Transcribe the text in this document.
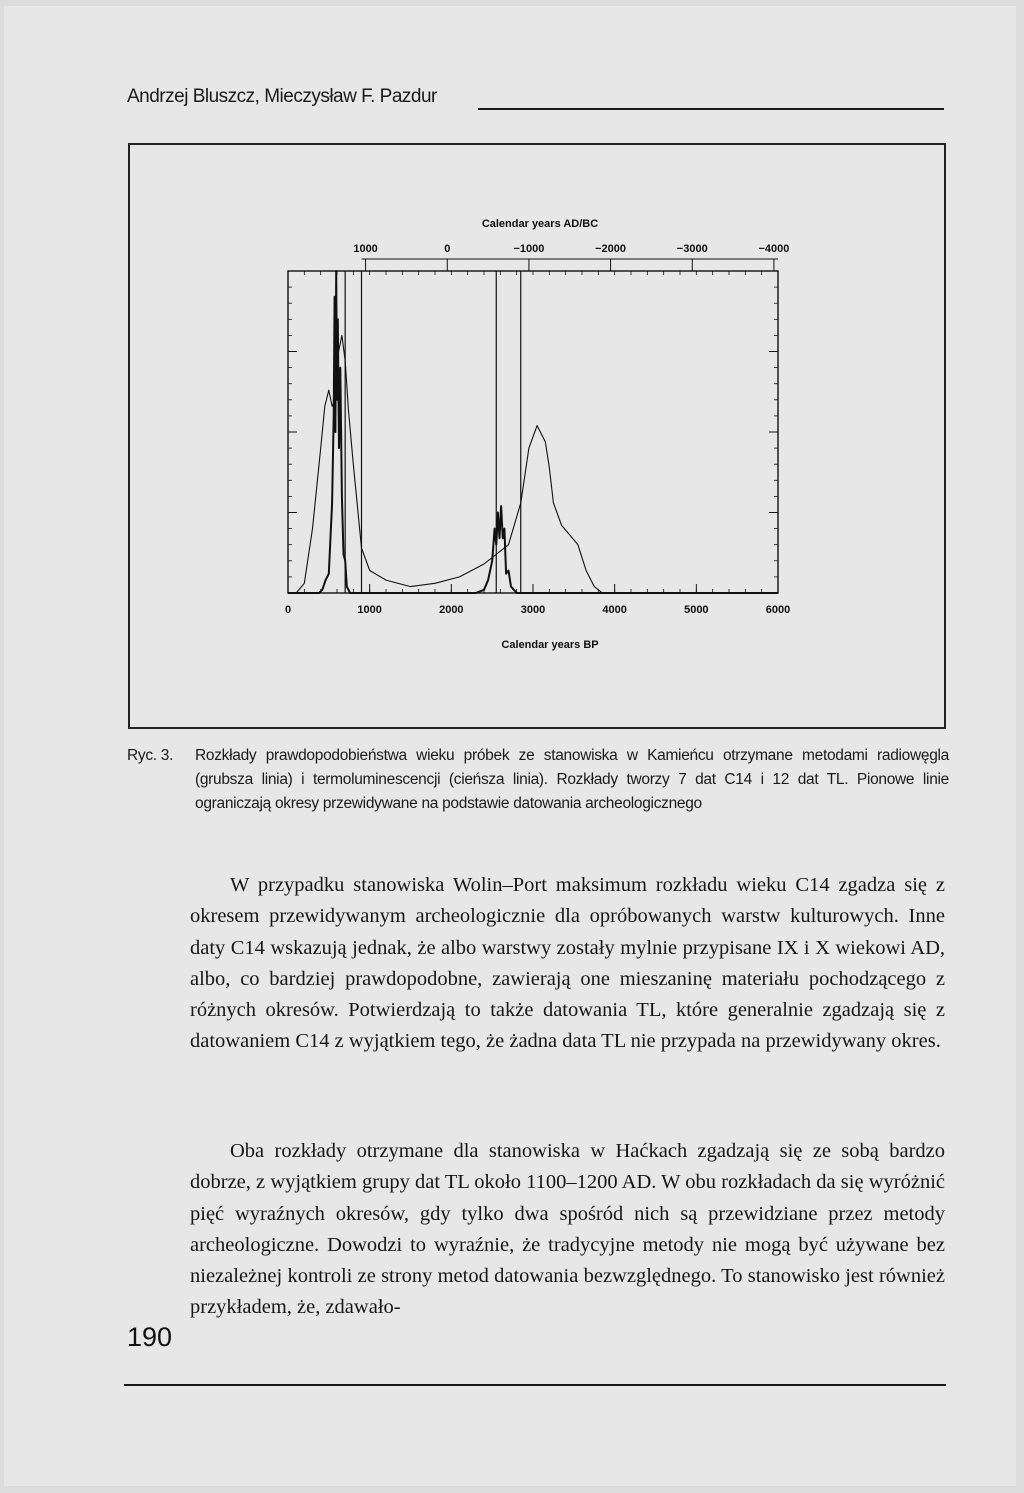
Andrzej Bluszcz, Mieczysław F. Pazdur
0	1000	2000	3000	4000	5000	6000
1000	0	−1000	−2000	−3000	−4000
Calendar years AD/BC
Calendar years BP
Ryc. 3. Rozkłady prawdopodobieństwa wieku próbek ze stanowiska w Kamieńcu otrzymane metodami radiowęgla (grubsza linia) i termoluminescencji (cieńsza linia). Rozkłady tworzy 7 dat C14 i 12 dat TL. Pionowe linie ograniczają okresy przewidywane na podstawie datowania archeologicznego
W przypadku stanowiska Wolin–Port maksimum rozkładu wieku C14 zgadza się z okresem przewidywanym archeologicznie dla opróbowanych warstw kulturowych. Inne daty C14 wskazują jednak, że albo warstwy zostały mylnie przypisane IX i X wiekowi AD, albo, co bardziej prawdopodobne, zawierają one mieszaninę materiału pochodzącego z różnych okresów. Potwierdzają to także datowania TL, które generalnie zgadzają się z datowaniem C14 z wyjątkiem tego, że żadna data TL nie przypada na przewidywany okres.
Oba rozkłady otrzymane dla stanowiska w Haćkach zgadzają się ze sobą bardzo dobrze, z wyjątkiem grupy dat TL około 1100–1200 AD. W obu rozkładach da się wyróżnić pięć wyraźnych okresów, gdy tylko dwa spośród nich są przewidziane przez metody archeologiczne. Dowodzi to wyraźnie, że tradycyjne metody nie mogą być używane bez niezależnej kontroli ze strony metod datowania bezwzględnego. To stanowisko jest również przykładem, że, zdawało-
190
